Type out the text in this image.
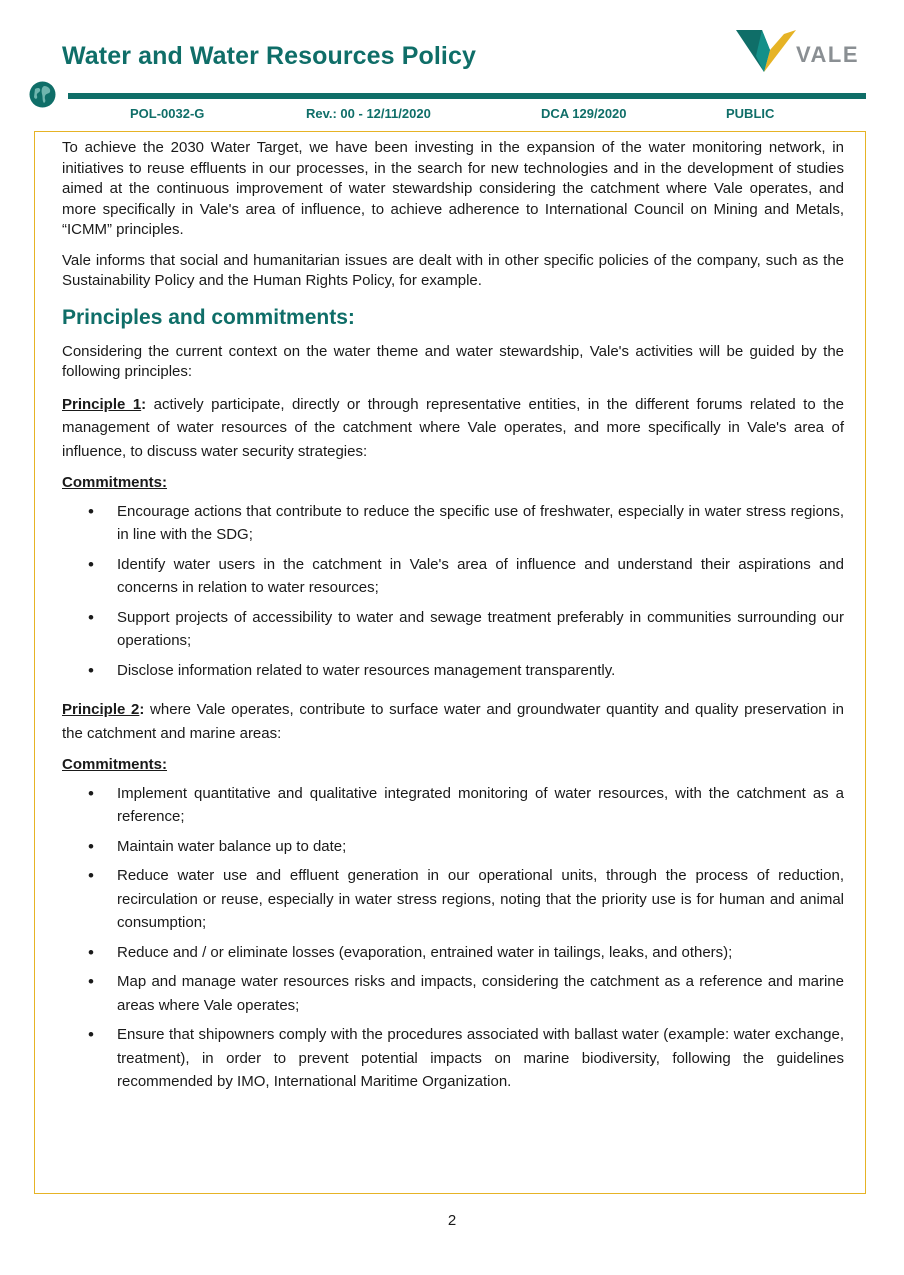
Water and Water Resources Policy	VALE
POL-0032-G	Rev.: 00 - 12/11/2020	DCA 129/2020	PUBLIC

To achieve the 2030 Water Target, we have been investing in the expansion of the water monitoring network, in initiatives to reuse effluents in our processes, in the search for new technologies and in the development of studies aimed at the continuous improvement of water stewardship considering the catchment where Vale operates, and more specifically in Vale's area of influence, to achieve adherence to International Council on Mining and Metals, “ICMM” principles.

Vale informs that social and humanitarian issues are dealt with in other specific policies of the company, such as the Sustainability Policy and the Human Rights Policy, for example.

Principles and commitments:

Considering the current context on the water theme and water stewardship, Vale's activities will be guided by the following principles:

Principle 1: actively participate, directly or through representative entities, in the different forums related to the management of water resources of the catchment where Vale operates, and more specifically in Vale's area of influence, to discuss water security strategies:

Commitments:
• Encourage actions that contribute to reduce the specific use of freshwater, especially in water stress regions, in line with the SDG;
• Identify water users in the catchment in Vale's area of influence and understand their aspirations and concerns in relation to water resources;
• Support projects of accessibility to water and sewage treatment preferably in communities surrounding our operations;
• Disclose information related to water resources management transparently.

Principle 2: where Vale operates, contribute to surface water and groundwater quantity and quality preservation in the catchment and marine areas:

Commitments:
• Implement quantitative and qualitative integrated monitoring of water resources, with the catchment as a reference;
• Maintain water balance up to date;
• Reduce water use and effluent generation in our operational units, through the process of reduction, recirculation or reuse, especially in water stress regions, noting that the priority use is for human and animal consumption;
• Reduce and / or eliminate losses (evaporation, entrained water in tailings, leaks, and others);
• Map and manage water resources risks and impacts, considering the catchment as a reference and marine areas where Vale operates;
• Ensure that shipowners comply with the procedures associated with ballast water (example: water exchange, treatment), in order to prevent potential impacts on marine biodiversity, following the guidelines recommended by IMO, International Maritime Organization.
2
